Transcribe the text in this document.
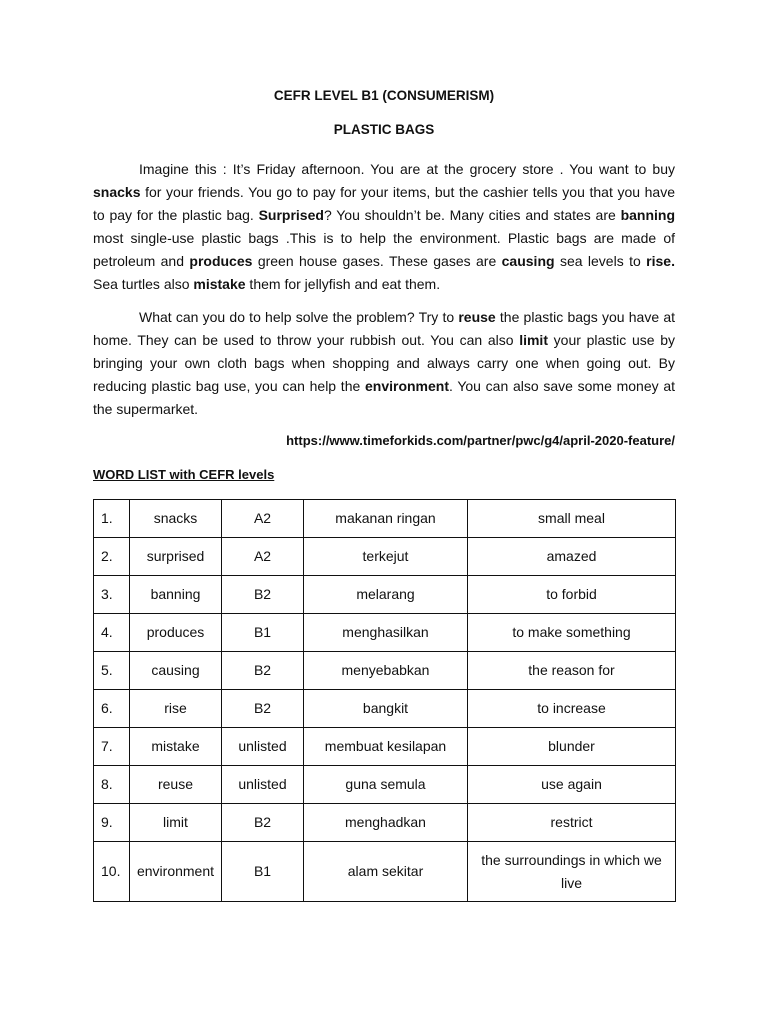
CEFR LEVEL B1 (CONSUMERISM)
PLASTIC BAGS

Imagine this : It’s Friday afternoon. You are at the grocery store . You want to buy snacks for your friends. You go to pay for your items, but the cashier tells you that you have to pay for the plastic bag. Surprised? You shouldn’t be. Many cities and states are banning most single-use plastic bags .This is to help the environment. Plastic bags are made of petroleum and produces green house gases. These gases are causing sea levels to rise. Sea turtles also mistake them for jellyfish and eat them.

What can you do to help solve the problem? Try to reuse the plastic bags you have at home. They can be used to throw your rubbish out. You can also limit your plastic use by bringing your own cloth bags when shopping and always carry one when going out. By reducing plastic bag use, you can help the environment. You can also save some money at the supermarket.

https://www.timeforkids.com/partner/pwc/g4/april-2020-feature/
WORD LIST with CEFR levels
1.	snacks	A2	makanan ringan	small meal
2.	surprised	A2	terkejut	amazed
3.	banning	B2	melarang	to forbid
4.	produces	B1	menghasilkan	to make something
5.	causing	B2	menyebabkan	the reason for
6.	rise	B2	bangkit	to increase
7.	mistake	unlisted	membuat kesilapan	blunder
8.	reuse	unlisted	guna semula	use again
9.	limit	B2	menghadkan	restrict
10.	environment	B1	alam sekitar	the surroundings in which we live
